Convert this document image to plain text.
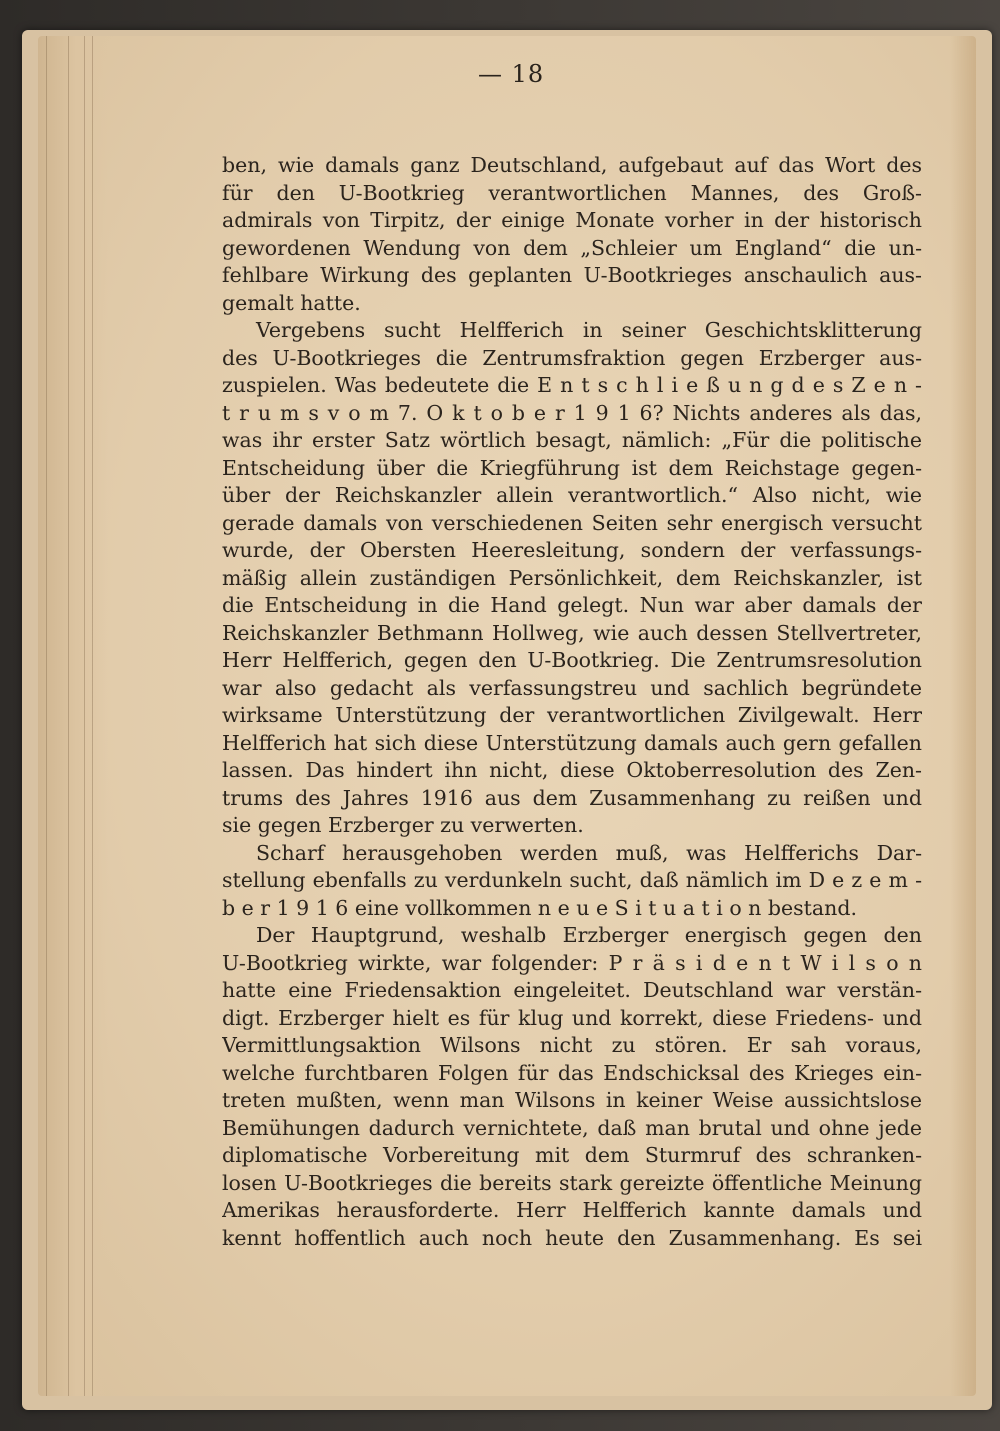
— 18
ben, wie damals ganz Deutschland, aufgebaut auf das Wort des
für den U-Bootkrieg verantwortlichen Mannes, des Groß-
admirals von Tirpitz, der einige Monate vorher in der historisch
gewordenen Wendung von dem „Schleier um England“ die un-
fehlbare Wirkung des geplanten U-Bootkrieges anschaulich aus-
gemalt hatte.
Vergebens sucht Helfferich in seiner Geschichtsklitterung
des U-Bootkrieges die Zentrumsfraktion gegen Erzberger aus-
zuspielen. Was bedeutete die E n t s c h l i e ß u n g d e s Z e n -
t r u m s v o m 7. O k t o b e r 1 9 1 6? Nichts anderes als das,
was ihr erster Satz wörtlich besagt, nämlich: „Für die politische
Entscheidung über die Kriegführung ist dem Reichstage gegen-
über der Reichskanzler allein verantwortlich.“ Also nicht, wie
gerade damals von verschiedenen Seiten sehr energisch versucht
wurde, der Obersten Heeresleitung, sondern der verfassungs-
mäßig allein zuständigen Persönlichkeit, dem Reichskanzler, ist
die Entscheidung in die Hand gelegt. Nun war aber damals der
Reichskanzler Bethmann Hollweg, wie auch dessen Stellvertreter,
Herr Helfferich, gegen den U-Bootkrieg. Die Zentrumsresolution
war also gedacht als verfassungstreu und sachlich begründete
wirksame Unterstützung der verantwortlichen Zivilgewalt. Herr
Helfferich hat sich diese Unterstützung damals auch gern gefallen
lassen. Das hindert ihn nicht, diese Oktoberresolution des Zen-
trums des Jahres 1916 aus dem Zusammenhang zu reißen und
sie gegen Erzberger zu verwerten.
Scharf herausgehoben werden muß, was Helfferichs Dar-
stellung ebenfalls zu verdunkeln sucht, daß nämlich im D e z e m -
b e r 1 9 1 6 eine vollkommen n e u e S i t u a t i o n bestand.
Der Hauptgrund, weshalb Erzberger energisch gegen den
U-Bootkrieg wirkte, war folgender: P r ä s i d e n t W i l s o n
hatte eine Friedensaktion eingeleitet. Deutschland war verstän-
digt. Erzberger hielt es für klug und korrekt, diese Friedens- und
Vermittlungsaktion Wilsons nicht zu stören. Er sah voraus,
welche furchtbaren Folgen für das Endschicksal des Krieges ein-
treten mußten, wenn man Wilsons in keiner Weise aussichtslose
Bemühungen dadurch vernichtete, daß man brutal und ohne jede
diplomatische Vorbereitung mit dem Sturmruf des schranken-
losen U-Bootkrieges die bereits stark gereizte öffentliche Meinung
Amerikas herausforderte. Herr Helfferich kannte damals und
kennt hoffentlich auch noch heute den Zusammenhang. Es sei
